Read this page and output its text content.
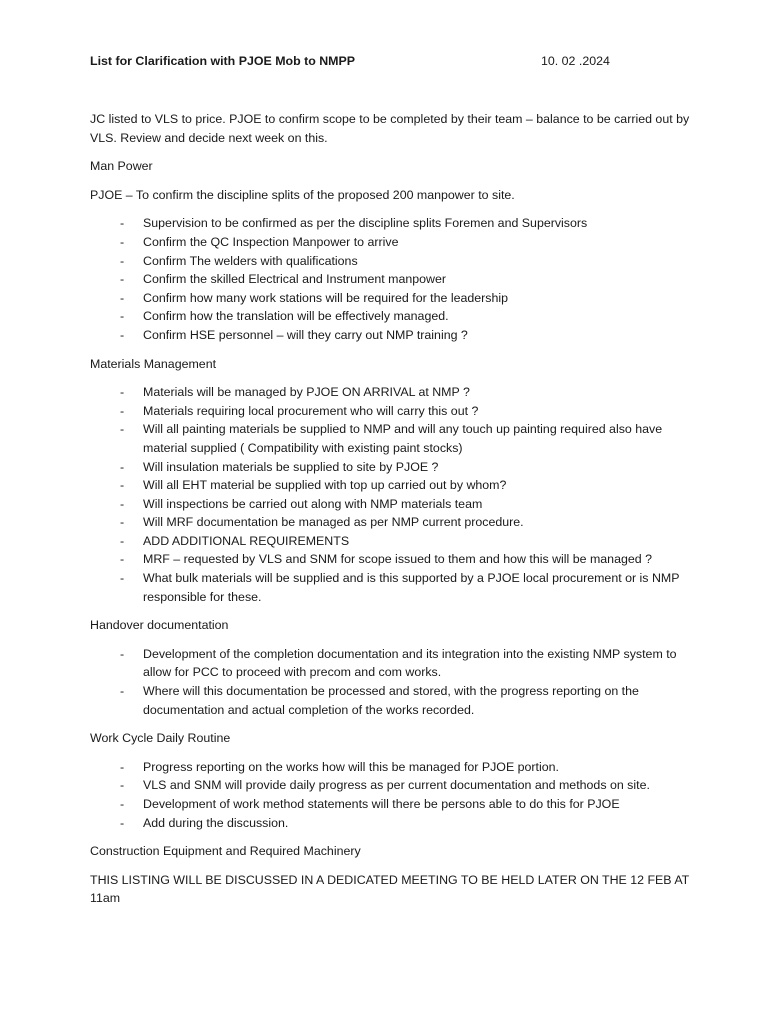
List for Clarification with PJOE Mob to NMPP	10. 02 .2024

JC listed to VLS to price. PJOE to confirm scope to be completed by their team – balance to be carried out by VLS. Review and decide next week on this.

Man Power

PJOE – To confirm the discipline splits of the proposed 200 manpower to site.

- Supervision to be confirmed as per the discipline splits Foremen and Supervisors
- Confirm the QC Inspection Manpower to arrive
- Confirm The welders with qualifications
- Confirm the skilled Electrical and Instrument manpower
- Confirm how many work stations will be required for the leadership
- Confirm how the translation will be effectively managed.
- Confirm HSE personnel – will they carry out NMP training ?

Materials Management

- Materials will be managed by PJOE ON ARRIVAL at NMP ?
- Materials requiring local procurement who will carry this out ?
- Will all painting materials be supplied to NMP and will any touch up painting required also have material supplied ( Compatibility with existing paint stocks)
- Will insulation materials be supplied to site by PJOE ?
- Will all EHT material be supplied with top up carried out by whom?
- Will inspections be carried out along with NMP materials team
- Will MRF documentation be managed as per NMP current procedure.
- ADD ADDITIONAL REQUIREMENTS
- MRF – requested by VLS and SNM for scope issued to them and how this will be managed ?
- What bulk materials will be supplied and is this supported by a PJOE local procurement or is NMP responsible for these.

Handover documentation

- Development of the completion documentation and its integration into the existing NMP system to allow for PCC to proceed with precom and com works.
- Where will this documentation be processed and stored, with the progress reporting on the documentation and actual completion of the works recorded.

Work Cycle Daily Routine

- Progress reporting on the works how will this be managed for PJOE portion.
- VLS and SNM will provide daily progress as per current documentation and methods on site.
- Development of work method statements will there be persons able to do this for PJOE
- Add during the discussion.

Construction Equipment and Required Machinery

THIS LISTING WILL BE DISCUSSED IN A DEDICATED MEETING TO BE HELD LATER ON THE 12 FEB AT 11am
